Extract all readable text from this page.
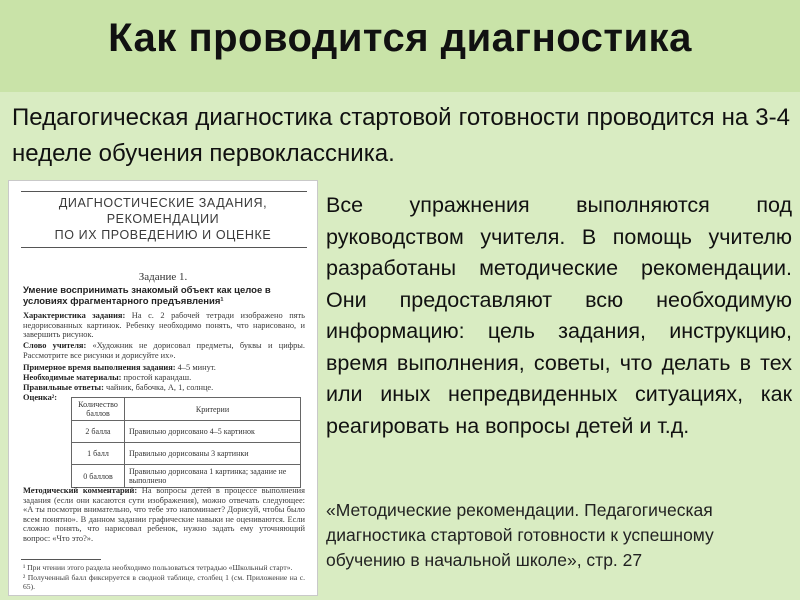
Как проводится диагностика
Педагогическая диагностика стартовой готовности проводится на 3-4 неделе обучения первоклассника.
ДИАГНОСТИЧЕСКИЕ ЗАДАНИЯ,
РЕКОМЕНДАЦИИ
ПО ИХ ПРОВЕДЕНИЮ И ОЦЕНКЕ
Задание 1.
Умение воспринимать знакомый объект как целое в условиях фрагментарного предъявления¹
Характеристика задания: На с. 2 рабочей тетради изображено пять недорисованных картинок. Ребенку необходимо понять, что нарисовано, и завершить рисунок.
Слово учителя: «Художник не дорисовал предметы, буквы и цифры. Рассмотрите все рисунки и дорисуйте их».
Примерное время выполнения задания: 4–5 минут.
Необходимые материалы: простой карандаш.
Правильные ответы: чайник, бабочка, А, 1, солнце.
Оценка²:
Количество баллов	Критерии
2 балла	Правильно дорисовано 4–5 картинок
1 балл	Правильно дорисованы 3 картинки
0 баллов	Правильно дорисована 1 картинка; задание не выполнено
Методический комментарий: На вопросы детей в процессе выполнения задания (если они касаются сути изображения), можно отвечать следующее: «А ты посмотри внимательно, что тебе это напоминает? Дорисуй, чтобы было всем понятно». В данном задании графические навыки не оцениваются. Если сложно понять, что нарисовал ребенок, нужно задать ему уточняющий вопрос: «Что это?».
¹ При чтении этого раздела необходимо пользоваться тетрадью «Школьный старт».
² Полученный балл фиксируется в сводной таблице, столбец 1 (см. Приложение на с. 65).
Все упражнения выполняются под руководством учителя. В помощь учителю разработаны методические рекомендации. Они предоставляют всю необходимую информацию: цель задания, инструкцию, время выполнения, советы, что делать в тех или иных непредвиденных ситуациях, как реагировать на вопросы детей и т.д.
«Методические рекомендации. Педагогическая диагностика стартовой готовности к успешному обучению в начальной школе», стр. 27
